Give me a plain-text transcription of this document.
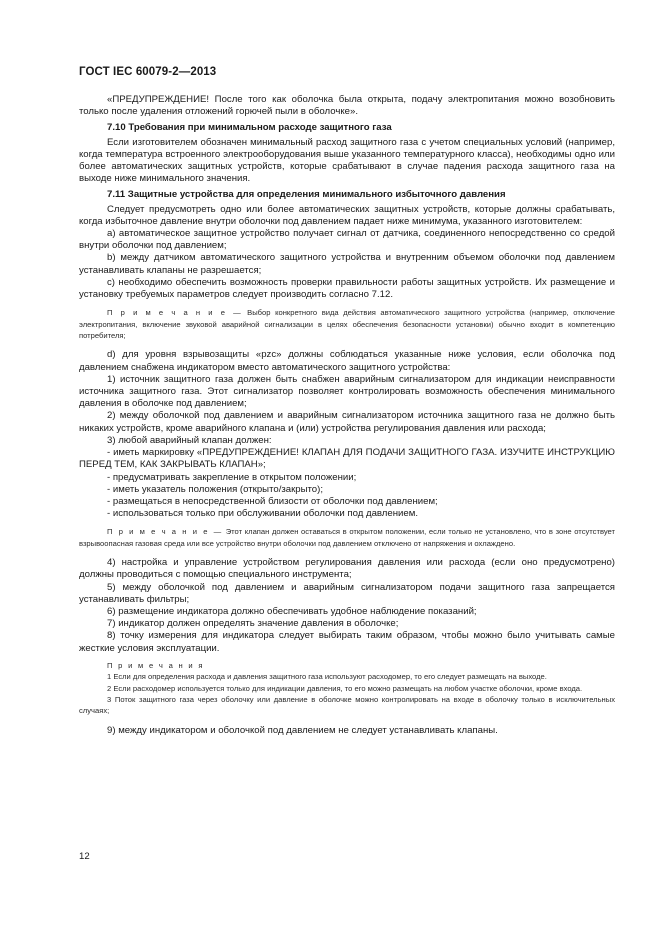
ГОСТ IEC 60079-2—2013

«ПРЕДУПРЕЖДЕНИЕ! После того как оболочка была открыта, подачу электропитания можно возобновить только после удаления отложений горючей пыли в оболочке».

7.10 Требования при минимальном расходе защитного газа

Если изготовителем обозначен минимальный расход защитного газа с учетом специальных условий (например, когда температура встроенного электрооборудования выше указанного температурного класса), необходимы одно или более автоматических защитных устройств, которые срабатывают в случае падения расхода защитного газа на выходе ниже минимального значения.

7.11 Защитные устройства для определения минимального избыточного давления

Следует предусмотреть одно или более автоматических защитных устройств, которые должны срабатывать, когда избыточное давление внутри оболочки под давлением падает ниже минимума, указанного изготовителем:

a) автоматическое защитное устройство получает сигнал от датчика, соединенного непосредственно со средой внутри оболочки под давлением;

b) между датчиком автоматического защитного устройства и внутренним объемом оболочки под давлением устанавливать клапаны не разрешается;

c) необходимо обеспечить возможность проверки правильности работы защитных устройств. Их размещение и установку требуемых параметров следует производить согласно 7.12.

П р и м е ч а н и е — Выбор конкретного вида действия автоматического защитного устройства (например, отключение электропитания, включение звуковой аварийной сигнализации в целях обеспечения безопасности установки) обычно входит в компетенцию потребителя;

d) для уровня взрывозащиты «pzc» должны соблюдаться указанные ниже условия, если оболочка под давлением снабжена индикатором вместо автоматического защитного устройства:

1) источник защитного газа должен быть снабжен аварийным сигнализатором для индикации неисправности источника защитного газа. Этот сигнализатор позволяет контролировать возможность обеспечения минимального давления в оболочке под давлением;

2) между оболочкой под давлением и аварийным сигнализатором источника защитного газа не должно быть никаких устройств, кроме аварийного клапана и (или) устройства регулирования давления или расхода;

3) любой аварийный клапан должен:

- иметь маркировку «ПРЕДУПРЕЖДЕНИЕ! КЛАПАН ДЛЯ ПОДАЧИ ЗАЩИТНОГО ГАЗА. ИЗУЧИТЕ ИНСТРУКЦИЮ ПЕРЕД ТЕМ, КАК ЗАКРЫВАТЬ КЛАПАН»;

- предусматривать закрепление в открытом положении;

- иметь указатель положения (открыто/закрыто);

- размещаться в непосредственной близости от оболочки под давлением;

- использоваться только при обслуживании оболочки под давлением.

П р и м е ч а н и е — Этот клапан должен оставаться в открытом положении, если только не установлено, что в зоне отсутствует взрывоопасная газовая среда или все устройство внутри оболочки под давлением отключено от напряжения и охлаждено.

4) настройка и управление устройством регулирования давления или расхода (если оно предусмотрено) должны проводиться с помощью специального инструмента;

5) между оболочкой под давлением и аварийным сигнализатором подачи защитного газа запрещается устанавливать фильтры;

6) размещение индикатора должно обеспечивать удобное наблюдение показаний;

7) индикатор должен определять значение давления в оболочке;

8) точку измерения для индикатора следует выбирать таким образом, чтобы можно было учитывать самые жесткие условия эксплуатации.

П р и м е ч а н и я

1 Если для определения расхода и давления защитного газа используют расходомер, то его следует размещать на выходе.

2 Если расходомер используется только для индикации давления, то его можно размещать на любом участке оболочки, кроме входа.

3 Поток защитного газа через оболочку или давление в оболочке можно контролировать на входе в оболочку только в исключительных случаях;

9) между индикатором и оболочкой под давлением не следует устанавливать клапаны.

12
